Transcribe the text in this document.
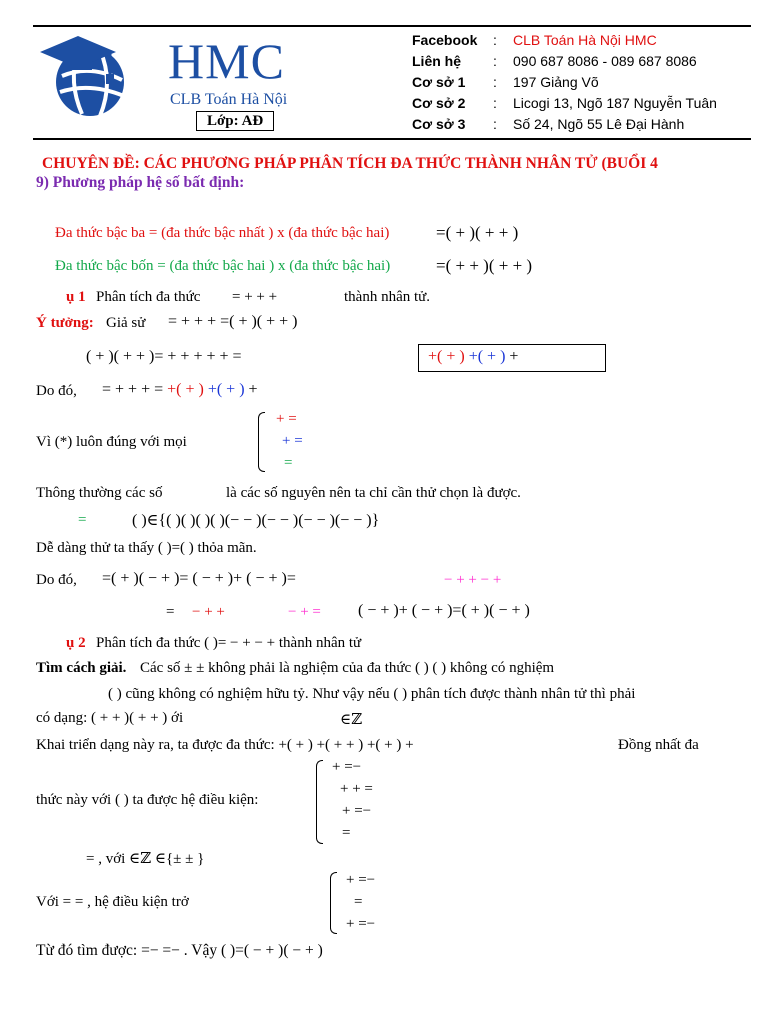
HMC
CLB Toán Hà Nội
Lớp: AĐ
Facebook : CLB Toán Hà Nội HMC
Liên hệ : 090 687 8086 - 089 687 8086
Cơ sở 1 : 197 Giảng Võ
Cơ sở 2 : Licogi 13, Ngõ 187 Nguyễn Tuân
Cơ sở 3 : Số 24, Ngõ 55 Lê Đại Hành
CHUYÊN ĐỀ: CÁC PHƯƠNG PHÁP PHÂN TÍCH ĐA THỨC THÀNH NHÂN TỬ (BUỔI 4
9) Phương pháp hệ số bất định:
Đa thức bậc ba = (đa thức bậc nhất ) x (đa thức bậc hai)	=( + )( + + )
Đa thức bậc bốn = (đa thức bậc hai ) x (đa thức bậc hai)	=( + + )( + + )
ụ 1 Phân tích đa thức = + + +	thành nhân tử.
Ý tưởng: Giả sử = + + + =( + )( + + )
( + )( + + )= + + + + + =	+( + ) +( + ) +
Do đó, = + + + = +( + ) +( + ) +
Vì (*) luôn đúng với mọi
+ =
+ =
=
Thông thường các số	là các số nguyên nên ta chỉ cần thử chọn là được.
=	( )∈{( )( )( )( )(− − )(− − )(− − )(− − )}
Dễ dàng thử ta thấy ( )=( ) thỏa mãn.
Do đó, =( + )( − + )= ( − + )+ ( − + )=	− + + − +
= − + +	− + = ( − + )+ ( − + )=( + )( − + )
ụ 2 Phân tích đa thức ( )= − + − + thành nhân tử
Tìm cách giải. Các số ± ± không phải là nghiệm của đa thức ( ) ( ) không có nghiệm
( ) cũng không có nghiệm hữu tỷ. Như vậy nếu ( ) phân tích được thành nhân tử thì phải
có dạng: ( + + )( + + ) ới	∈ℤ
Khai triển dạng này ra, ta được đa thức: +( + ) +( + + ) +( + ) +	Đồng nhất đa
thức này với ( ) ta được hệ điều kiện:
+ =−
+ + =
+ =−
=
= , với ∈ℤ ∈{± ± }
Với = = , hệ điều kiện trở
+ =−
=
+ =−
Từ đó tìm được: =− =− . Vậy ( )=( − + )( − + )
